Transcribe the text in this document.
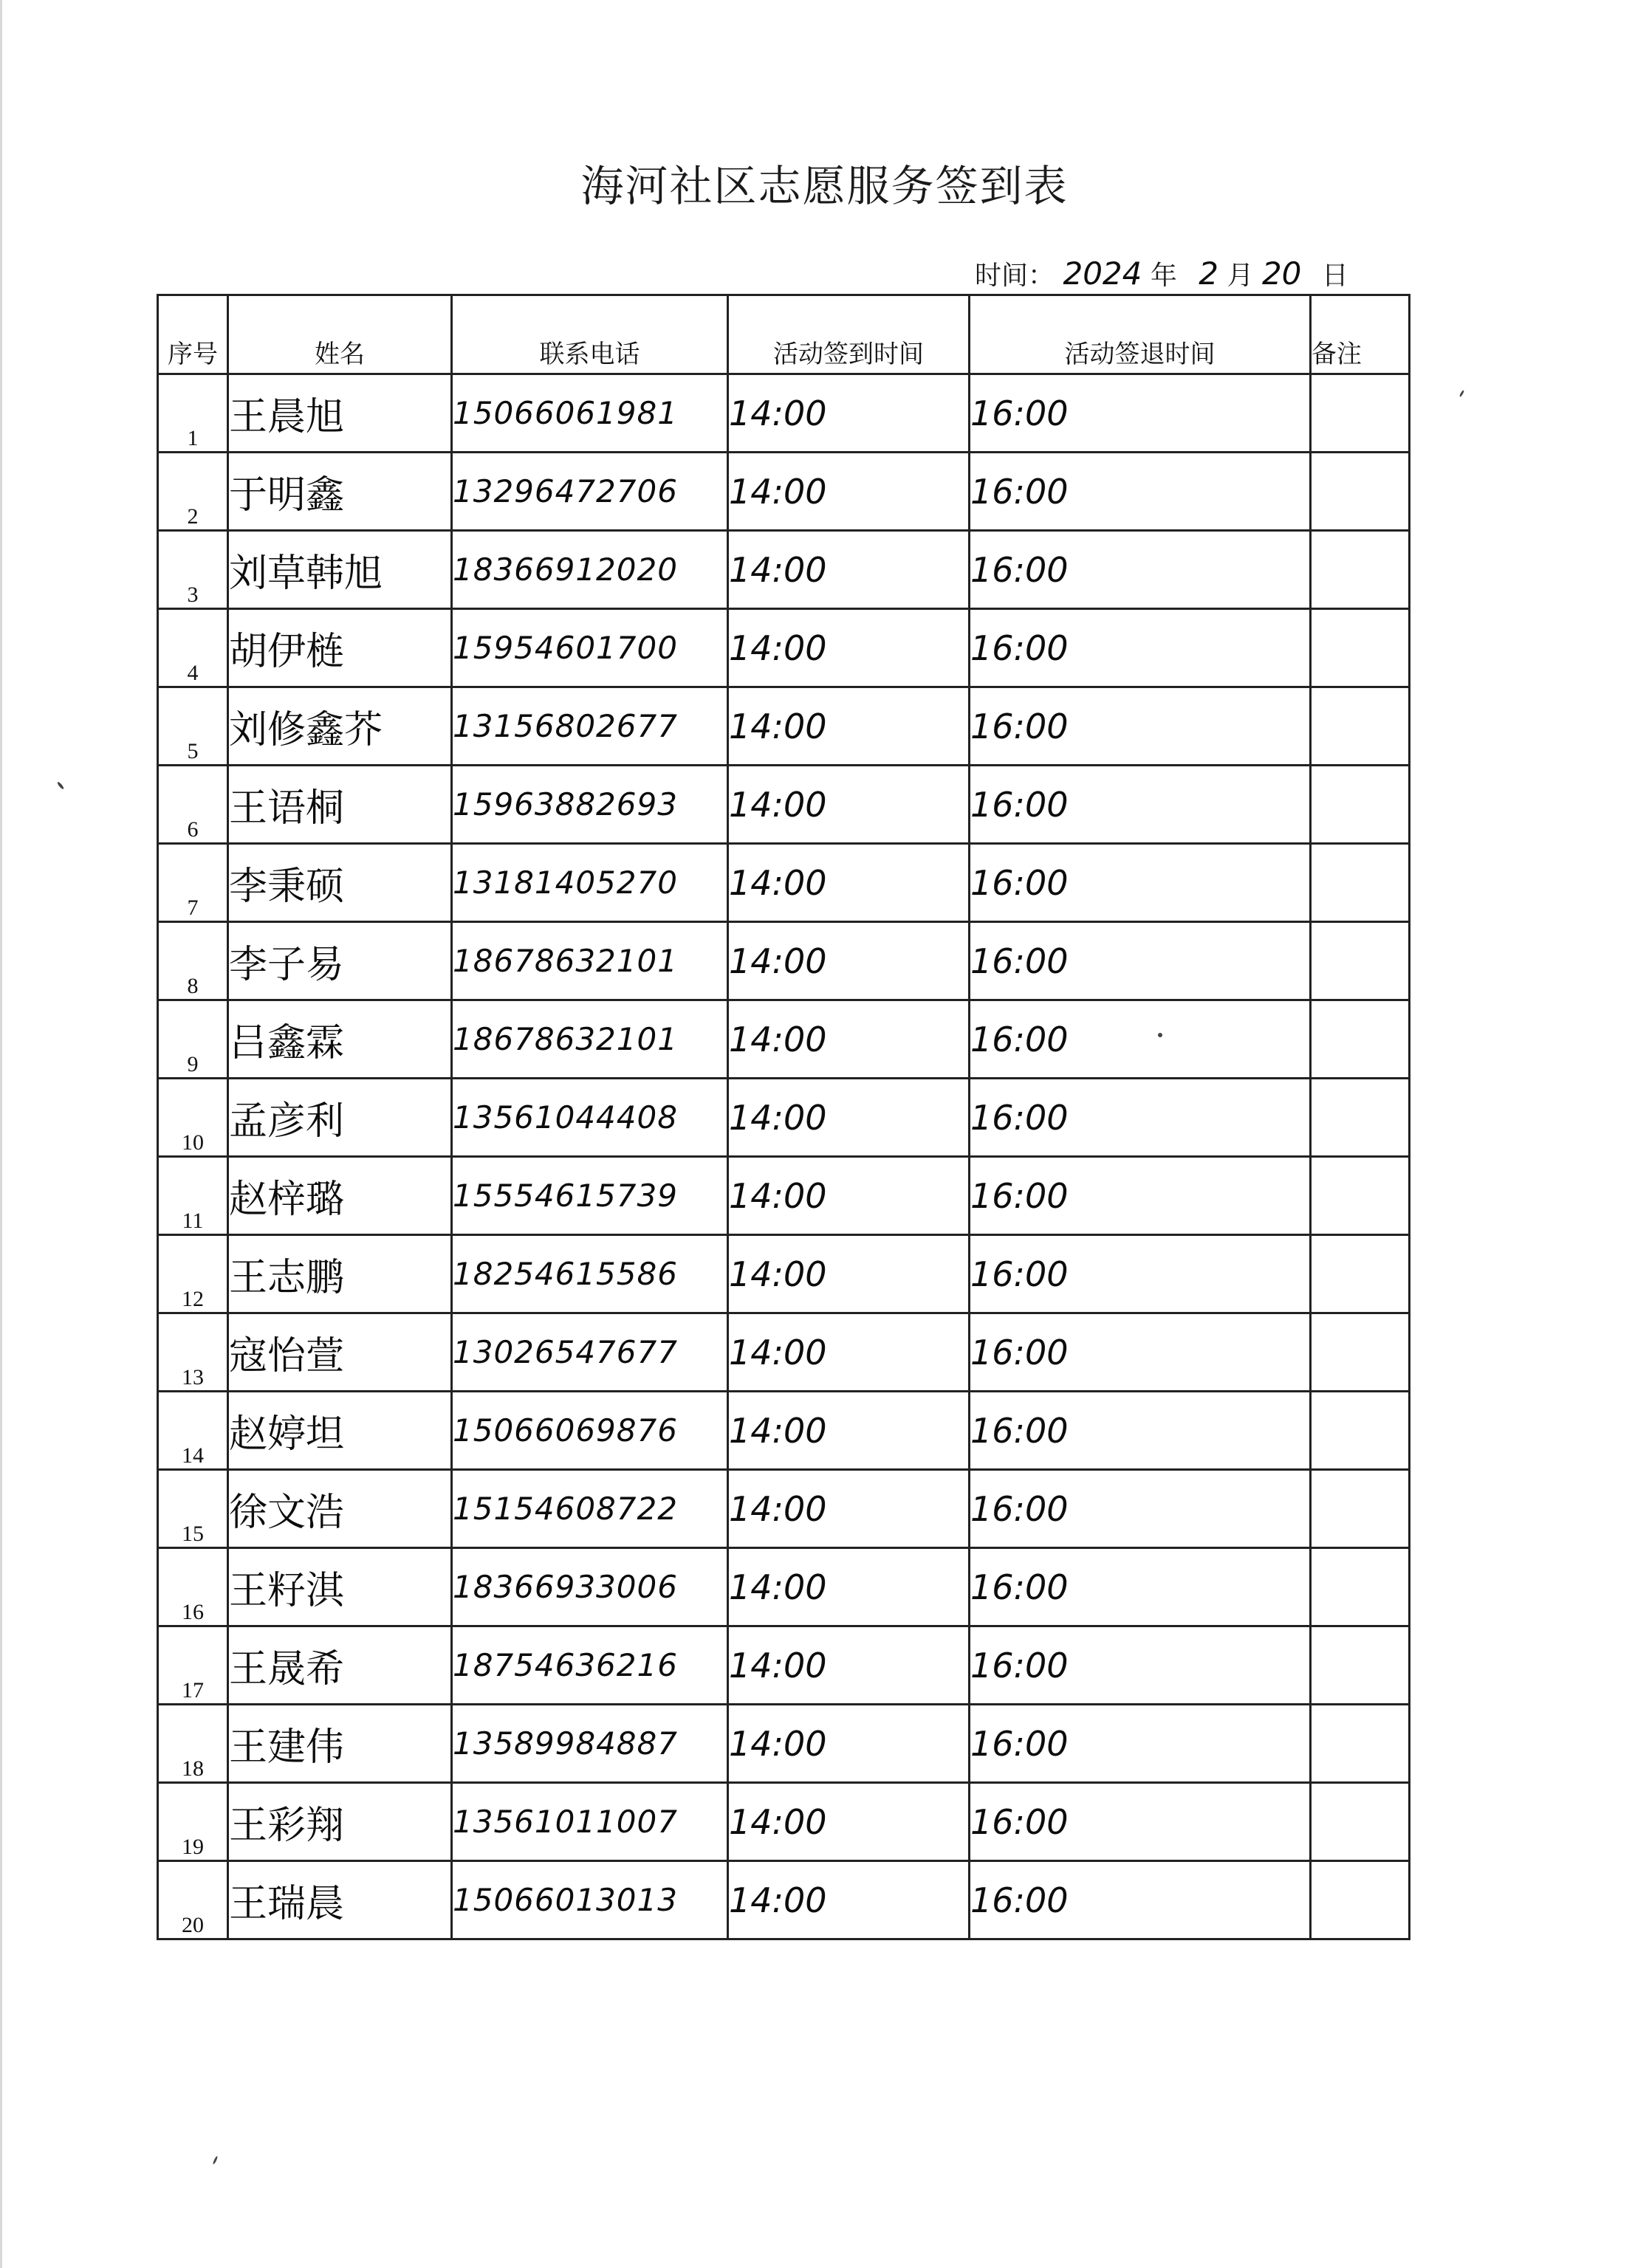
海河社区志愿服务签到表
时间： 2024 年 2 月 20 日
序号	姓名	联系电话	活动签到时间	活动签退时间	备注
1	王晨旭	15066061981	14:00	16:00	
2	于明鑫	13296472706	14:00	16:00	
3	刘草韩旭	18366912020	14:00	16:00	
4	胡伊梿	15954601700	14:00	16:00	
5	刘修鑫芥	13156802677	14:00	16:00	
6	王语桐	15963882693	14:00	16:00	
7	李秉硕	13181405270	14:00	16:00	
8	李子易	18678632101	14:00	16:00	
9	吕鑫霖	18678632101	14:00	16:00	
10	孟彦利	13561044408	14:00	16:00	
11	赵梓璐	15554615739	14:00	16:00	
12	王志鹏	18254615586	14:00	16:00	
13	寇怡萱	13026547677	14:00	16:00	
14	赵婷坦	15066069876	14:00	16:00	
15	徐文浩	15154608722	14:00	16:00	
16	王籽淇	18366933006	14:00	16:00	
17	王晟希	18754636216	14:00	16:00	
18	王建伟	13589984887	14:00	16:00	
19	王彩翔	13561011007	14:00	16:00	
20	王瑞晨	15066013013	14:00	16:00	
